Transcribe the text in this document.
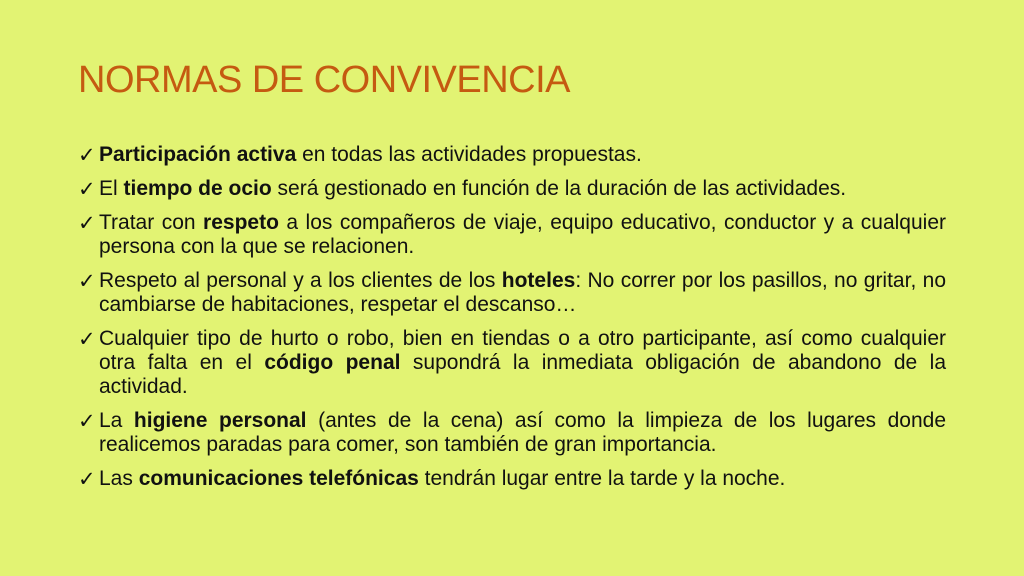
NORMAS DE CONVIVENCIA
✓ Participación activa en todas las actividades propuestas.
✓ El tiempo de ocio será gestionado en función de la duración de las actividades.
✓ Tratar con respeto a los compañeros de viaje, equipo educativo, conductor y a cualquier persona con la que se relacionen.
✓ Respeto al personal y a los clientes de los hoteles: No correr por los pasillos, no gritar, no cambiarse de habitaciones, respetar el descanso…
✓ Cualquier tipo de hurto o robo, bien en tiendas o a otro participante, así como cualquier otra falta en el código penal supondrá la inmediata obligación de abandono de la actividad.
✓ La higiene personal (antes de la cena) así como la limpieza de los lugares donde realicemos paradas para comer, son también de gran importancia.
✓ Las comunicaciones telefónicas tendrán lugar entre la tarde y la noche.
